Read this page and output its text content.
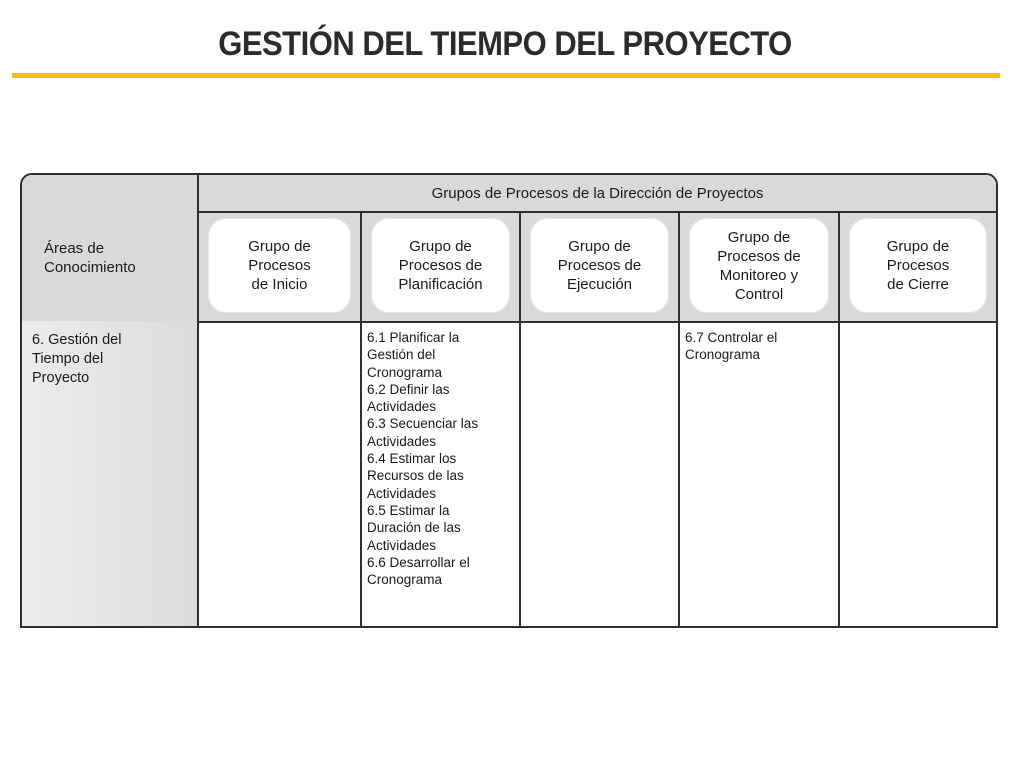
GESTIÓN DEL TIEMPO DEL PROYECTO
Áreas de
Conocimiento
Grupos de Procesos de la Dirección de Proyectos
Grupo de
Procesos
de Inicio
Grupo de
Procesos de
Planificación
Grupo de
Procesos de
Ejecución
Grupo de
Procesos de
Monitoreo y
Control
Grupo de
Procesos
de Cierre
6. Gestión del
Tiempo del
Proyecto
6.1 Planificar la
Gestión del
Cronograma
6.2 Definir las
Actividades
6.3 Secuenciar las
Actividades
6.4 Estimar los
Recursos de las
Actividades
6.5 Estimar la
Duración de las
Actividades
6.6 Desarrollar el
Cronograma
6.7 Controlar el
Cronograma
